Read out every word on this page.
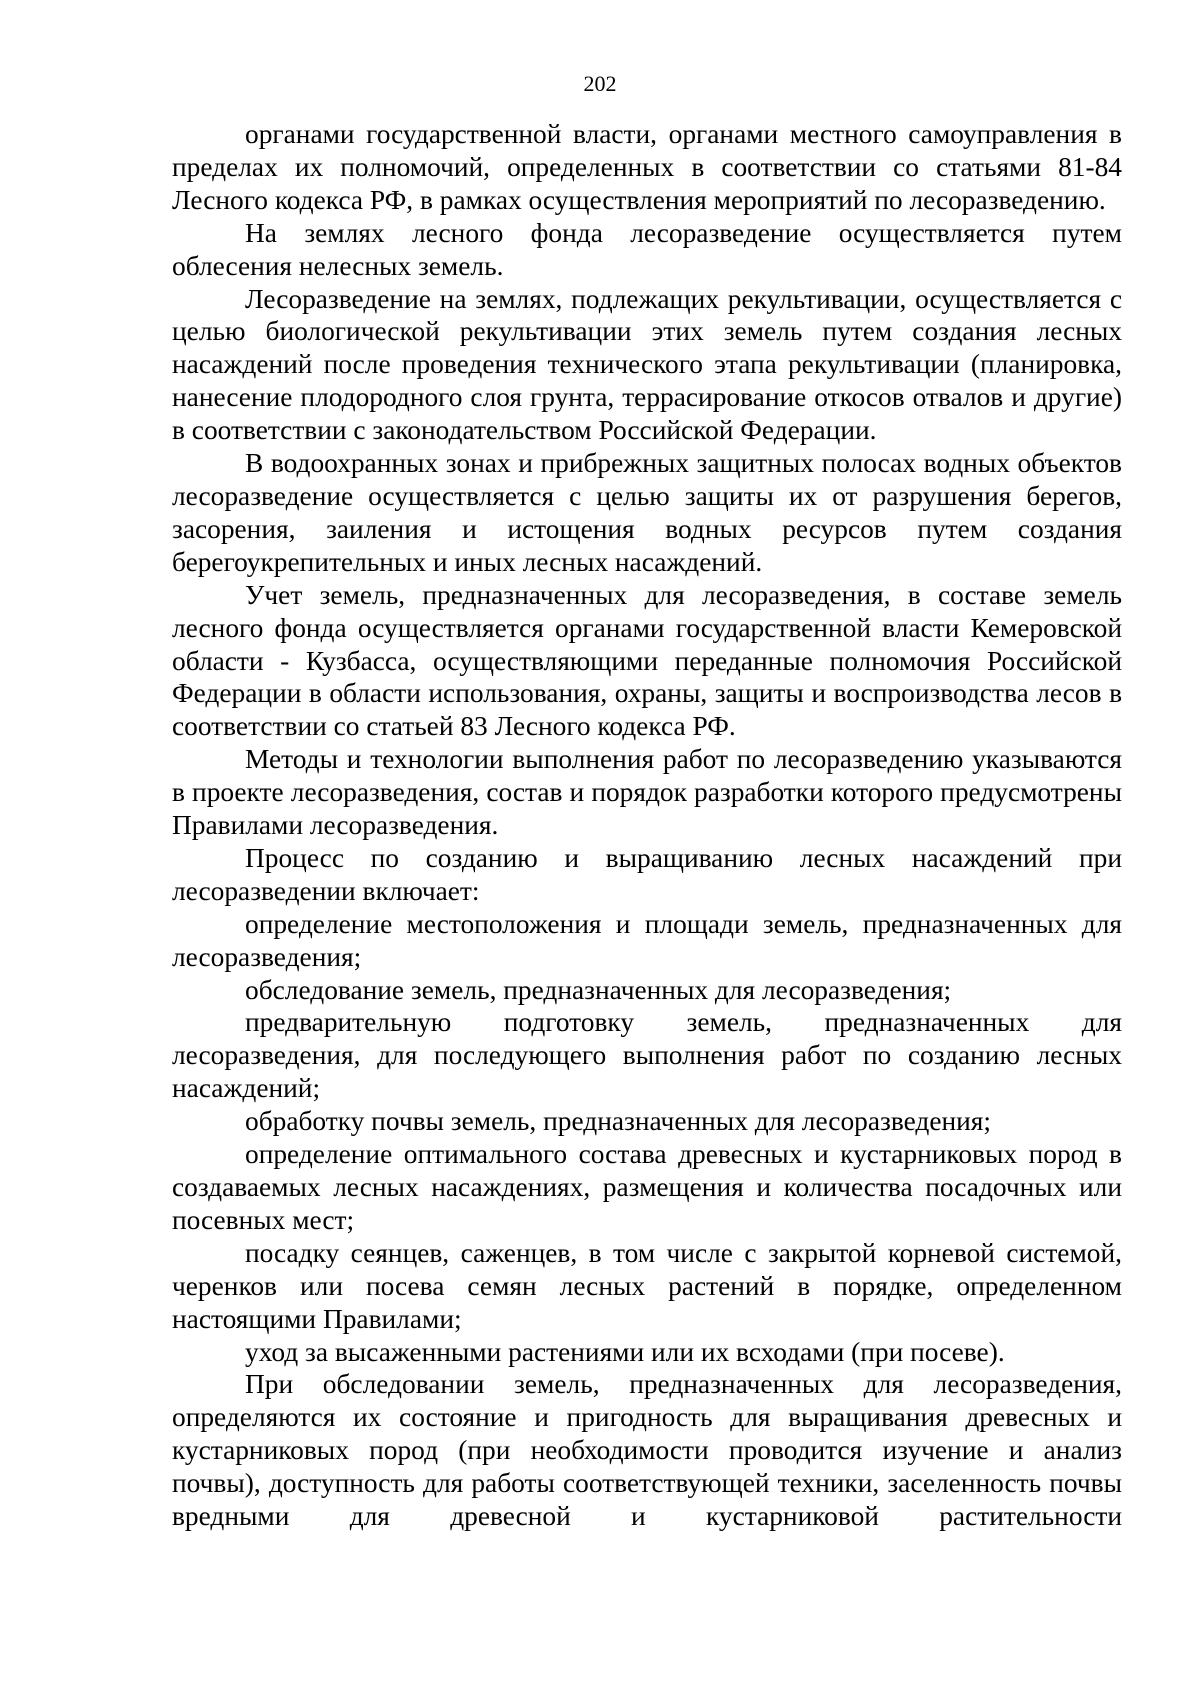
202

органами государственной власти, органами местного самоуправления в пределах их полномочий, определенных в соответствии со статьями 81-84 Лесного кодекса РФ, в рамках осуществления мероприятий по лесоразведению.

На землях лесного фонда лесоразведение осуществляется путем облесения нелесных земель.

Лесоразведение на землях, подлежащих рекультивации, осуществляется с целью биологической рекультивации этих земель путем создания лесных насаждений после проведения технического этапа рекультивации (планировка, нанесение плодородного слоя грунта, террасирование откосов отвалов и другие) в соответствии с законодательством Российской Федерации.

В водоохранных зонах и прибрежных защитных полосах водных объектов лесоразведение осуществляется с целью защиты их от разрушения берегов, засорения, заиления и истощения водных ресурсов путем создания берегоукрепительных и иных лесных насаждений.

Учет земель, предназначенных для лесоразведения, в составе земель лесного фонда осуществляется органами государственной власти Кемеровской области - Кузбасса, осуществляющими переданные полномочия Российской Федерации в области использования, охраны, защиты и воспроизводства лесов в соответствии со статьей 83 Лесного кодекса РФ.

Методы и технологии выполнения работ по лесоразведению указываются в проекте лесоразведения, состав и порядок разработки которого предусмотрены Правилами лесоразведения.

Процесс по созданию и выращиванию лесных насаждений при лесоразведении включает:

определение местоположения и площади земель, предназначенных для лесоразведения;

обследование земель, предназначенных для лесоразведения;

предварительную подготовку земель, предназначенных для лесоразведения, для последующего выполнения работ по созданию лесных насаждений;

обработку почвы земель, предназначенных для лесоразведения;

определение оптимального состава древесных и кустарниковых пород в создаваемых лесных насаждениях, размещения и количества посадочных или посевных мест;

посадку сеянцев, саженцев, в том числе с закрытой корневой системой, черенков или посева семян лесных растений в порядке, определенном настоящими Правилами;

уход за высаженными растениями или их всходами (при посеве).

При обследовании земель, предназначенных для лесоразведения, определяются их состояние и пригодность для выращивания древесных и кустарниковых пород (при необходимости проводится изучение и анализ почвы), доступность для работы соответствующей техники, заселенность почвы вредными для древесной и кустарниковой растительности
